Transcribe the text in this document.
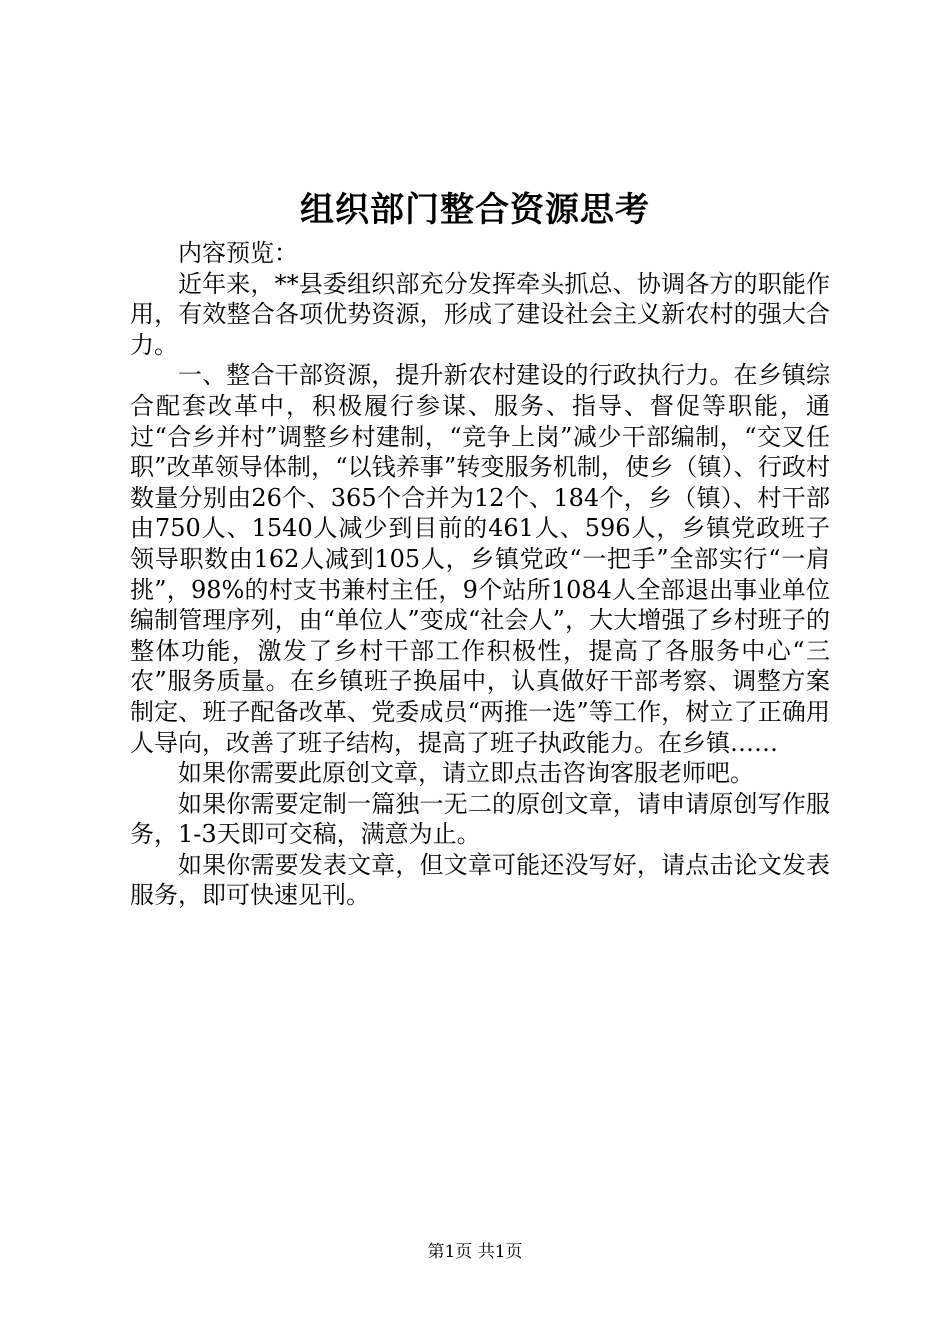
组织部门整合资源思考

内容预览：

近年来，**县委组织部充分发挥牵头抓总、协调各方的职能作用，有效整合各项优势资源，形成了建设社会主义新农村的强大合力。

一、整合干部资源，提升新农村建设的行政执行力。在乡镇综合配套改革中，积极履行参谋、服务、指导、督促等职能，通过“合乡并村”调整乡村建制，“竞争上岗”减少干部编制，“交叉任职”改革领导体制，“以钱养事”转变服务机制，使乡（镇）、行政村数量分别由26个、365个合并为12个、184个，乡（镇）、村干部由750人、1540人减少到目前的461人、596人，乡镇党政班子领导职数由162人减到105人，乡镇党政“一把手”全部实行“一肩挑”，98%的村支书兼村主任，9个站所1084人全部退出事业单位编制管理序列，由“单位人”变成“社会人”，大大增强了乡村班子的整体功能，激发了乡村干部工作积极性，提高了各服务中心“三农”服务质量。在乡镇班子换届中，认真做好干部考察、调整方案制定、班子配备改革、党委成员“两推一选”等工作，树立了正确用人导向，改善了班子结构，提高了班子执政能力。在乡镇……

如果你需要此原创文章，请立即点击咨询客服老师吧。

如果你需要定制一篇独一无二的原创文章，请申请原创写作服务，1-3天即可交稿，满意为止。

如果你需要发表文章，但文章可能还没写好，请点击论文发表服务，即可快速见刊。

第1页 共1页
